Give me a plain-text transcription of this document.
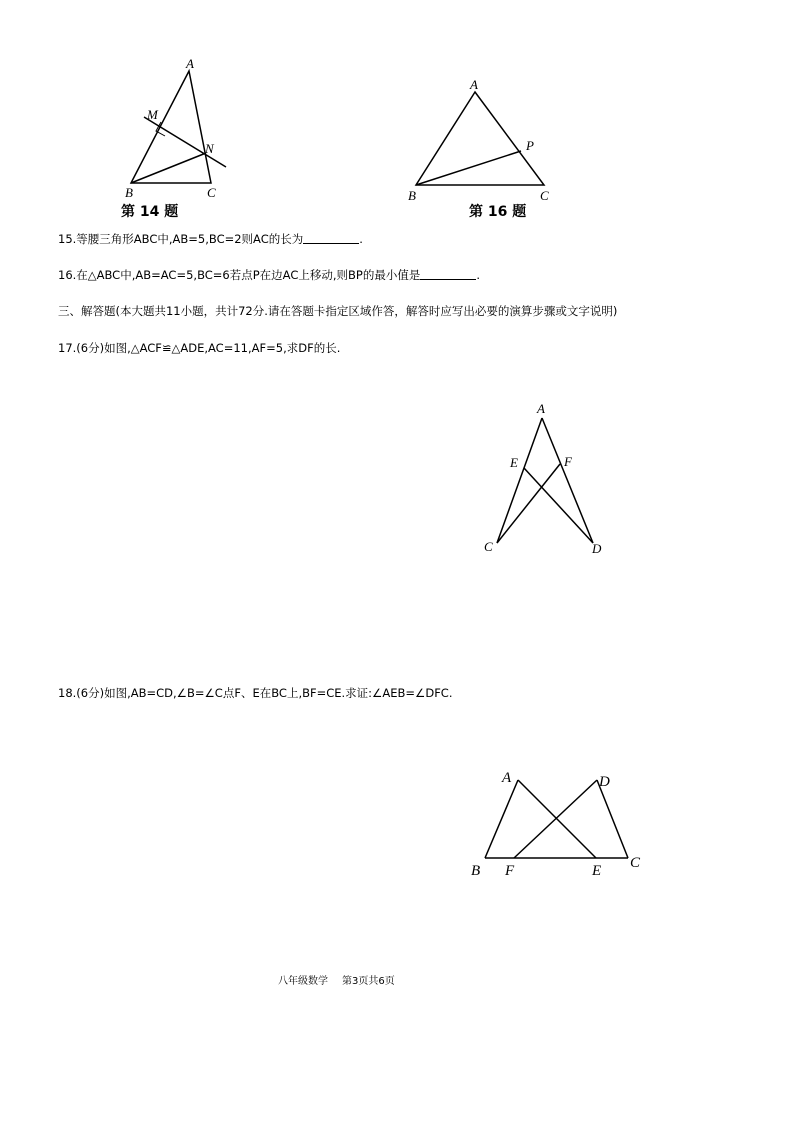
A
M
N
B	C
第 14 题
A
P
B	C
第 16 题
15.等腰三角形ABC中,AB=5,BC=2则AC的长为	.
16.在△ABC中,AB=AC=5,BC=6若点P在边AC上移动,则BP的最小值是	.
三、解答题(本大题共11小题，共计72分.请在答题卡指定区域作答，解答时应写出必要的演算步骤或文字说明)
17.(6分)如图,△ACF≌△ADE,AC=11,AF=5,求DF的长.
A
E	F
C	D
18.(6分)如图,AB=CD,∠B=∠C点F、E在BC上,BF=CE.求证:∠AEB=∠DFC.
A	D
B F	E C
八年级数学 第3页共6页
